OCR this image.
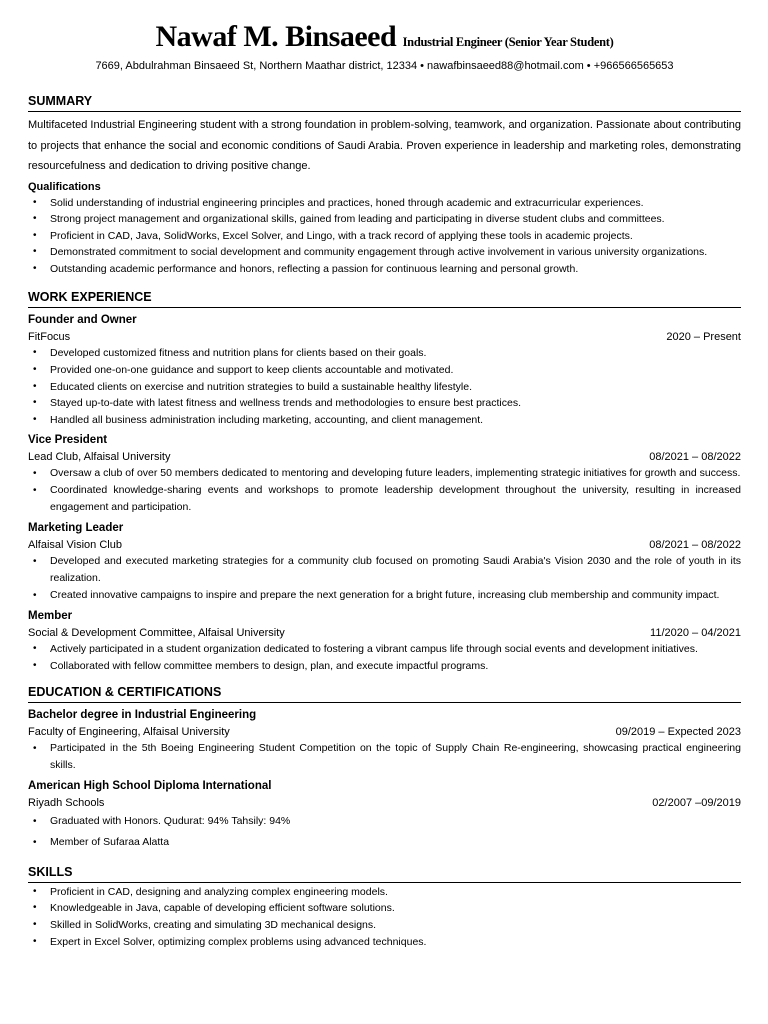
Nawaf M. Binsaeed Industrial Engineer (Senior Year Student)
7669, Abdulrahman Binsaeed St, Northern Maathar district, 12334 • nawafbinsaeed88@hotmail.com • +966566565653
SUMMARY
Multifaceted Industrial Engineering student with a strong foundation in problem-solving, teamwork, and organization. Passionate about contributing to projects that enhance the social and economic conditions of Saudi Arabia. Proven experience in leadership and marketing roles, demonstrating resourcefulness and dedication to driving positive change.
Qualifications
• Solid understanding of industrial engineering principles and practices, honed through academic and extracurricular experiences.
• Strong project management and organizational skills, gained from leading and participating in diverse student clubs and committees.
• Proficient in CAD, Java, SolidWorks, Excel Solver, and Lingo, with a track record of applying these tools in academic projects.
• Demonstrated commitment to social development and community engagement through active involvement in various university organizations.
• Outstanding academic performance and honors, reflecting a passion for continuous learning and personal growth.
WORK EXPERIENCE
Founder and Owner
FitFocus	2020 – Present
• Developed customized fitness and nutrition plans for clients based on their goals.
• Provided one-on-one guidance and support to keep clients accountable and motivated.
• Educated clients on exercise and nutrition strategies to build a sustainable healthy lifestyle.
• Stayed up-to-date with latest fitness and wellness trends and methodologies to ensure best practices.
• Handled all business administration including marketing, accounting, and client management.
Vice President
Lead Club, Alfaisal University	08/2021 – 08/2022
• Oversaw a club of over 50 members dedicated to mentoring and developing future leaders, implementing strategic initiatives for growth and success.
• Coordinated knowledge-sharing events and workshops to promote leadership development throughout the university, resulting in increased engagement and participation.
Marketing Leader
Alfaisal Vision Club	08/2021 – 08/2022
• Developed and executed marketing strategies for a community club focused on promoting Saudi Arabia's Vision 2030 and the role of youth in its realization.
• Created innovative campaigns to inspire and prepare the next generation for a bright future, increasing club membership and community impact.
Member
Social & Development Committee, Alfaisal University	11/2020 – 04/2021
• Actively participated in a student organization dedicated to fostering a vibrant campus life through social events and development initiatives.
• Collaborated with fellow committee members to design, plan, and execute impactful programs.
EDUCATION & CERTIFICATIONS
Bachelor degree in Industrial Engineering
Faculty of Engineering, Alfaisal University	09/2019 – Expected 2023
• Participated in the 5th Boeing Engineering Student Competition on the topic of Supply Chain Re-engineering, showcasing practical engineering skills.
American High School Diploma International
Riyadh Schools	02/2007 –09/2019
• Graduated with Honors. Qudurat: 94% Tahsily: 94%
• Member of Sufaraa Alatta
SKILLS
• Proficient in CAD, designing and analyzing complex engineering models.
• Knowledgeable in Java, capable of developing efficient software solutions.
• Skilled in SolidWorks, creating and simulating 3D mechanical designs.
• Expert in Excel Solver, optimizing complex problems using advanced techniques.
